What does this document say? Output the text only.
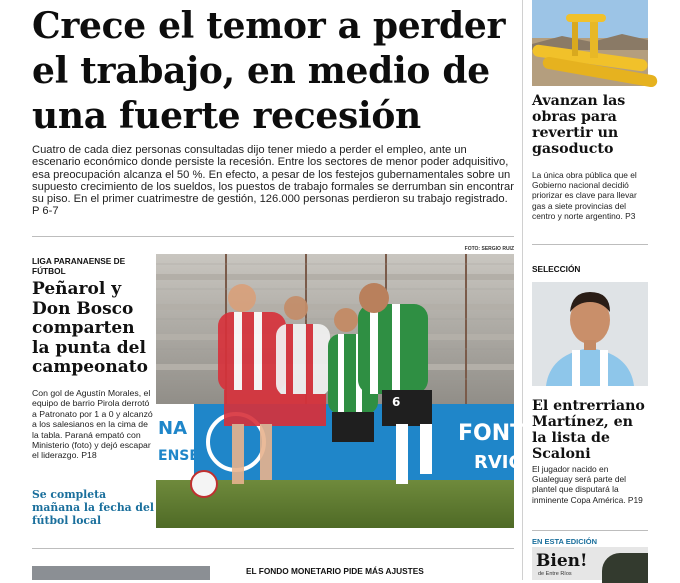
Crece el temor a perder el trabajo, en medio de una fuerte recesión

Cuatro de cada diez personas consultadas dijo tener miedo a perder el empleo, ante un escenario económico donde persiste la recesión. Entre los sectores de menor poder adquisitivo, esa preocupación alcanza el 50 %. En efecto, a pesar de los festejos gubernamentales sobre un supuesto crecimiento de los sueldos, los puestos de trabajo formales se derrumban sin encontrar su piso. En el primer cuatrimestre de gestión, 126.000 personas perdieron su trabajo registrado. P 6-7

LIGA PARANAENSE DE FÚTBOL

Peñarol y Don Bosco comparten la punta del campeonato

Con gol de Agustín Morales, el equipo de barrio Pirola derrotó a Patronato por 1 a 0 y alcanzó a los salesianos en la cima de la tabla. Paraná empató con Ministerio (foto) y dejó escapar el liderazgo. P18

Se completa mañana la fecha del fútbol local

FOTO: SERGIO RUIZ
6
FONTA
RVICI
NA
ENSE
Avanzan las obras para revertir un gasoducto

La única obra pública que el Gobierno nacional decidió priorizar es clave para llevar gas a siete provincias del centro y norte argentino. P3

SELECCIÓN

El entrerriano Martínez, en la lista de Scaloni

El jugador nacido en Gualeguay será parte del plantel que disputará la inminente Copa América. P19

EN ESTA EDICIÓN

Bien!
de Entre Ríos

EL FONDO MONETARIO PIDE MÁS AJUSTES
